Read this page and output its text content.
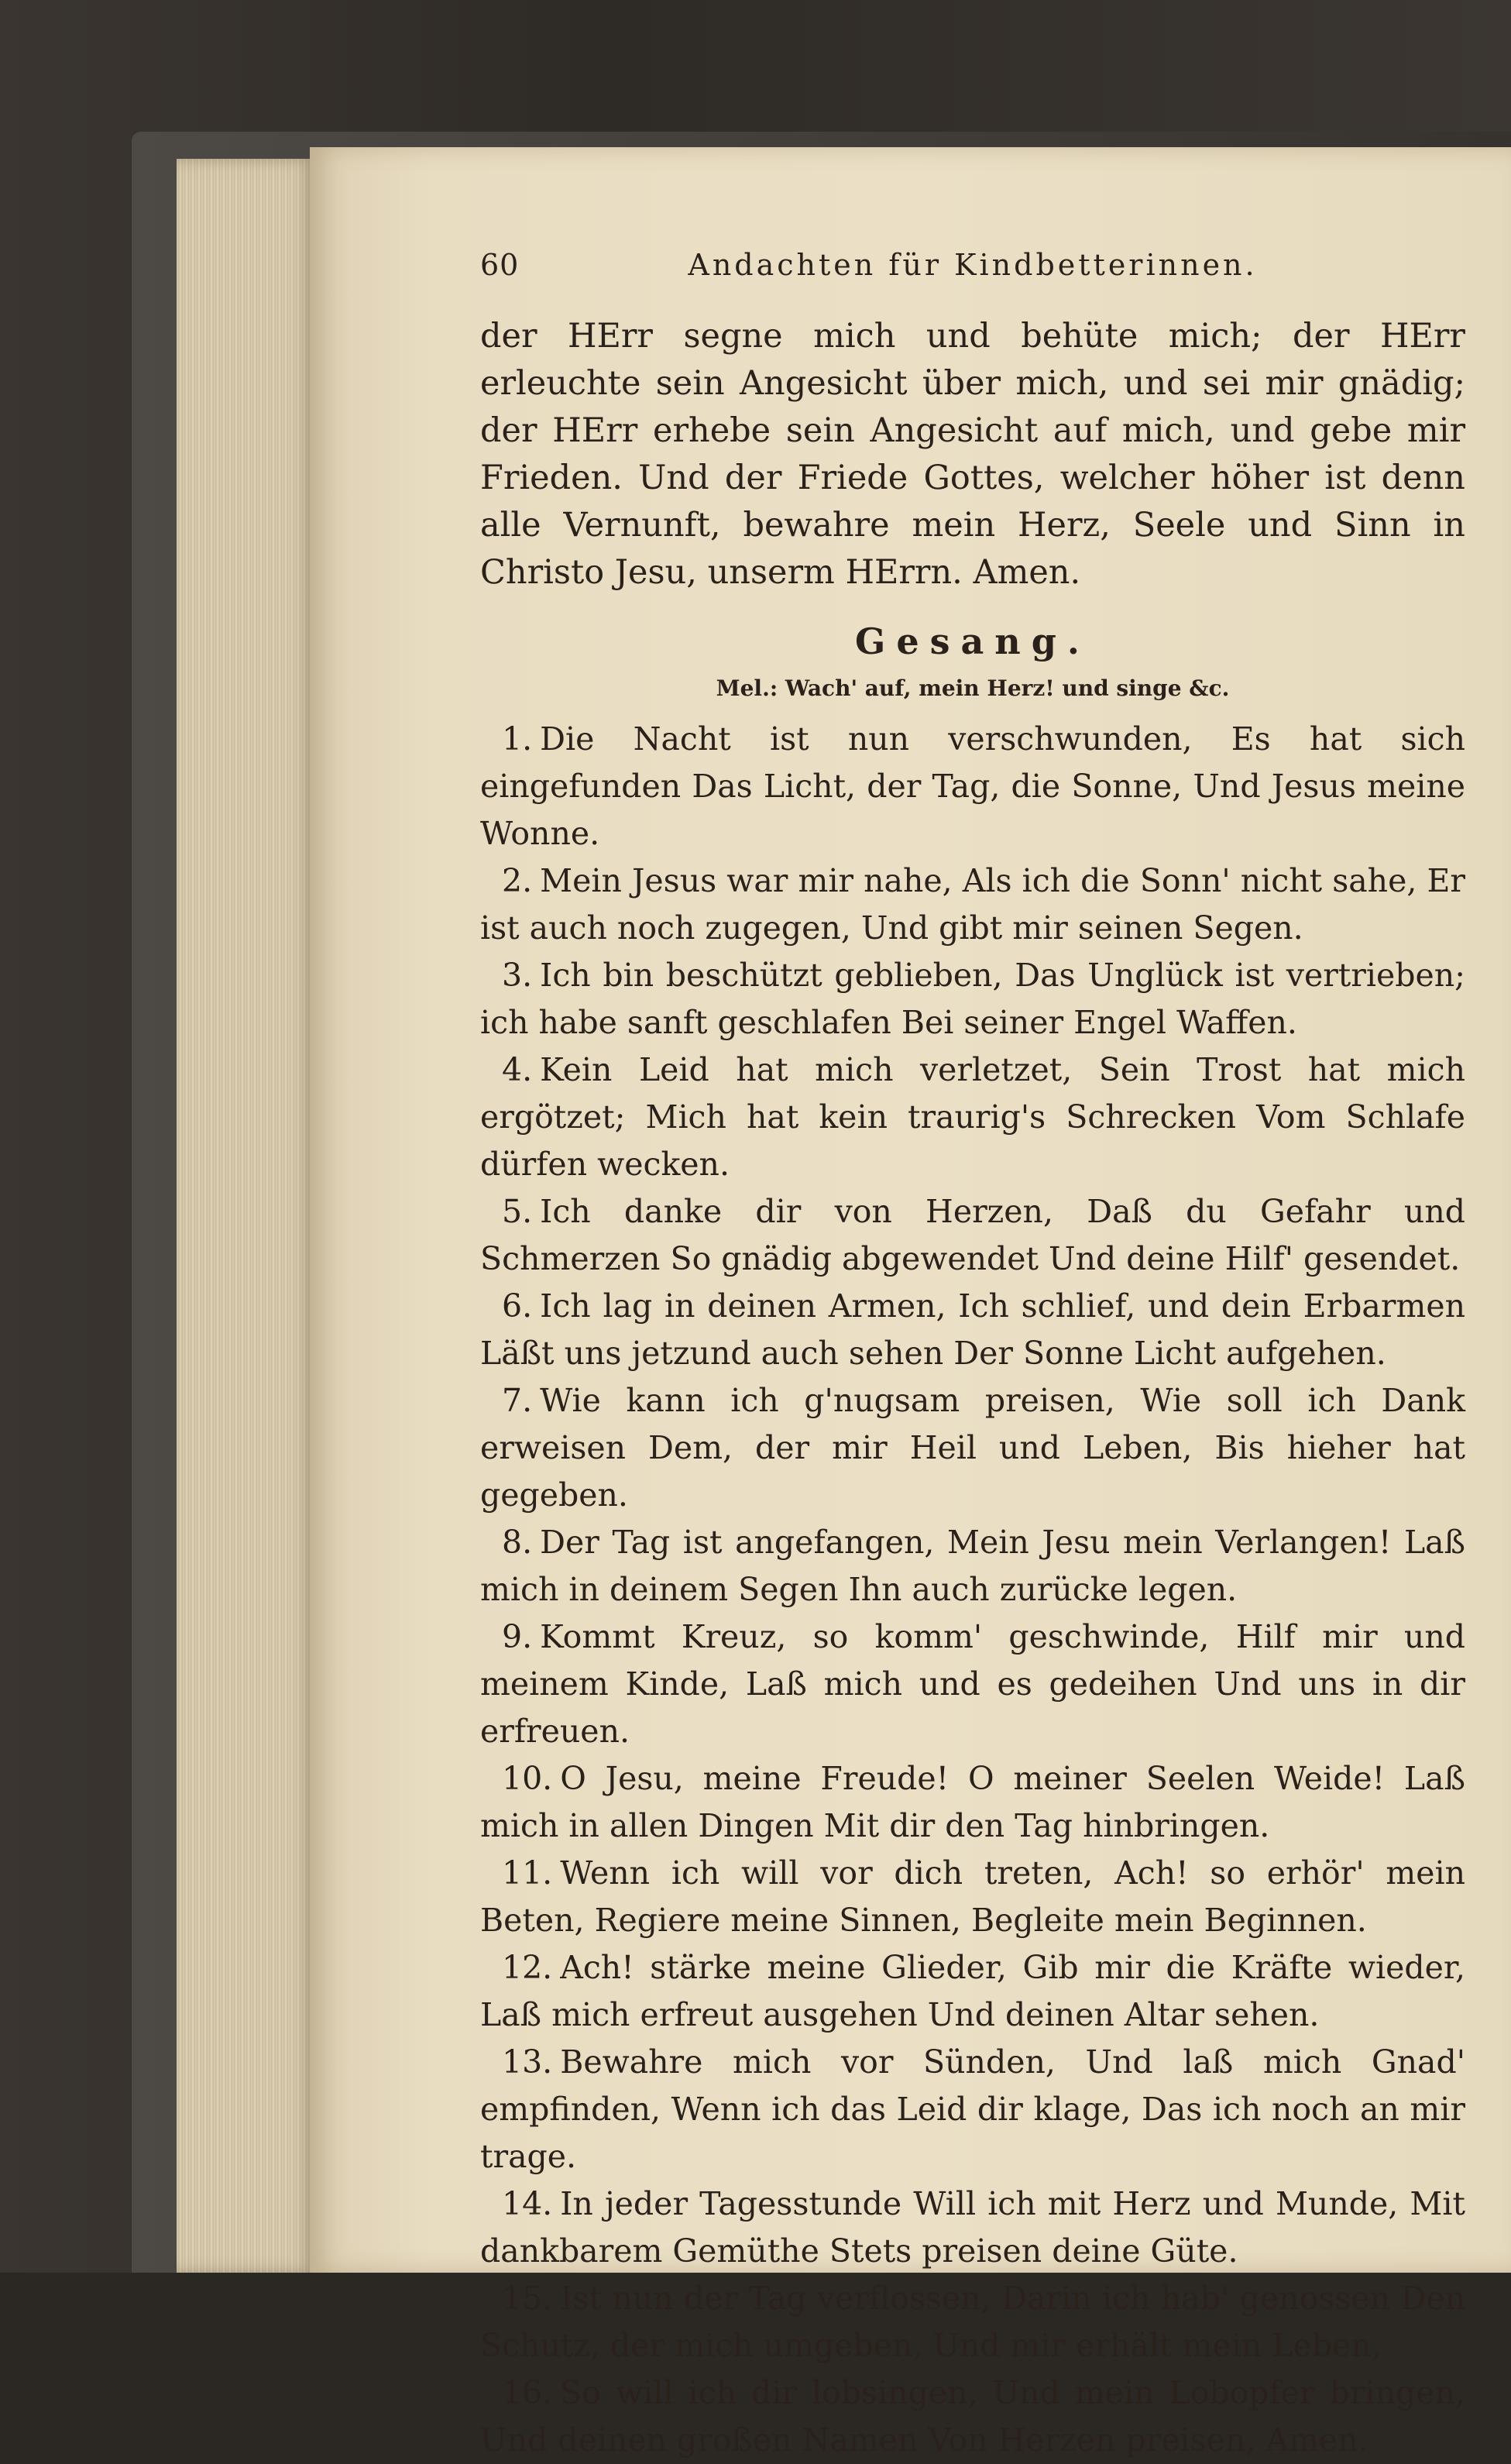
60	Andachten für Kindbetterinnen.

der HErr segne mich und behüte mich; der HErr erleuchte sein Angesicht über mich, und sei mir gnädig; der HErr erhebe sein Angesicht auf mich, und gebe mir Frieden. Und der Friede Gottes, welcher höher ist denn alle Vernunft, bewahre mein Herz, Seele und Sinn in Christo Jesu, unserm HErrn. Amen.

Gesang.
Mel.: Wach' auf, mein Herz! und singe &c.

1. Die Nacht ist nun verschwunden, Es hat sich eingefunden Das Licht, der Tag, die Sonne, Und Jesus meine Wonne.

2. Mein Jesus war mir nahe, Als ich die Sonn' nicht sahe, Er ist auch noch zugegen, Und gibt mir seinen Segen.

3. Ich bin beschützt geblieben, Das Unglück ist vertrieben; ich habe sanft geschlafen Bei seiner Engel Waffen.

4. Kein Leid hat mich verletzet, Sein Trost hat mich ergötzet; Mich hat kein traurig's Schrecken Vom Schlafe dürfen wecken.

5. Ich danke dir von Herzen, Daß du Gefahr und Schmerzen So gnädig abgewendet Und deine Hilf' gesendet.

6. Ich lag in deinen Armen, Ich schlief, und dein Erbarmen Läßt uns jetzund auch sehen Der Sonne Licht aufgehen.

7. Wie kann ich g'nugsam preisen, Wie soll ich Dank erweisen Dem, der mir Heil und Leben, Bis hieher hat gegeben.

8. Der Tag ist angefangen, Mein Jesu mein Verlangen! Laß mich in deinem Segen Ihn auch zurücke legen.

9. Kommt Kreuz, so komm' geschwinde, Hilf mir und meinem Kinde, Laß mich und es gedeihen Und uns in dir erfreuen.

10. O Jesu, meine Freude! O meiner Seelen Weide! Laß mich in allen Dingen Mit dir den Tag hinbringen.

11. Wenn ich will vor dich treten, Ach! so erhör' mein Beten, Regiere meine Sinnen, Begleite mein Beginnen.

12. Ach! stärke meine Glieder, Gib mir die Kräfte wieder, Laß mich erfreut ausgehen Und deinen Altar sehen.

13. Bewahre mich vor Sünden, Und laß mich Gnad' empfinden, Wenn ich das Leid dir klage, Das ich noch an mir trage.

14. In jeder Tagesstunde Will ich mit Herz und Munde, Mit dankbarem Gemüthe Stets preisen deine Güte.

15. Ist nun der Tag verflossen, Darin ich hab' genossen Den Schutz, der mich umgeben, Und mir erhält mein Leben,

16. So will ich dir lobsingen, Und mein Lobopfer bringen, Und deinen großen Namen Von Herzen preisen, Amen.
